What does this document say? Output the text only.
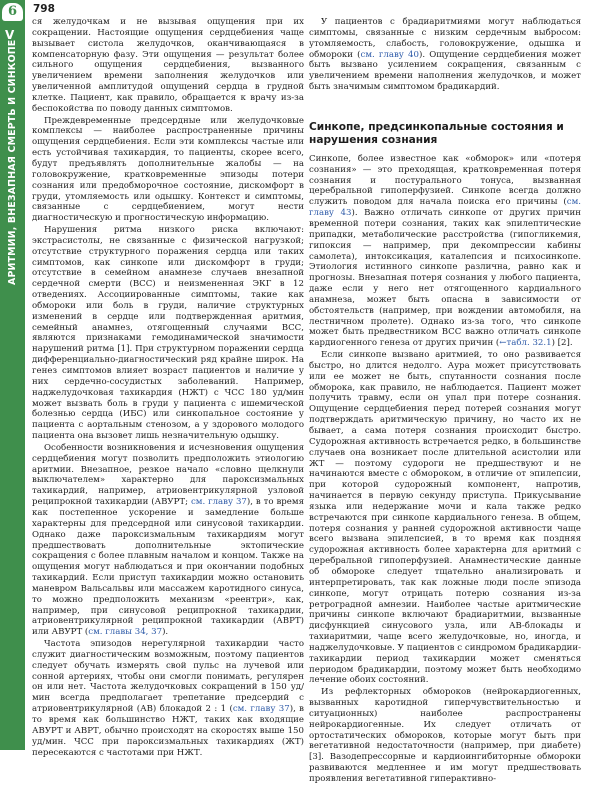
6
V
АРИТМИИ, ВНЕЗАПНАЯ СМЕРТЬ И СИНКОПЕ
798

ся желудочкам и не вызывая ощущения при их сокращении. Настоящие ощущения сердцебиения чаще вызывает систола желудочков, оканчивающаяся в компенсаторную фазу. Эти ощущения — результат более сильного ощущения сердцебиения, вызванного увеличением времени заполнения желудочков или увеличенной амплитудой ощущений сердца в грудной клетке. Пациент, как правило, обращается к врачу из-за беспокойства по поводу данных симптомов.

Преждевременные предсердные или желудочковые комплексы — наиболее распространенные причины ощущения сердцебиения. Если эти комплексы частые или есть устойчивая тахикардия, то пациенты, скорее всего, будут предъявлять дополнительные жалобы — на головокружение, кратковременные эпизоды потери сознания или предобморочное состояние, дискомфорт в груди, утомляемость или одышку. Контекст и симптомы, связанные с сердцебиением, могут нести диагностическую и прогностическую информацию.

Нарушения ритма низкого риска включают: экстрасистолы, не связанные с физической нагрузкой; отсутствие структурного поражения сердца или таких симптомов, как синкопе или дискомфорт в груди; отсутствие в семейном анамнезе случаев внезапной сердечной смерти (ВСС) и неизмененная ЭКГ в 12 отведениях. Ассоциированные симптомы, такие как обмороки или боль в груди, наличие структурных изменений в сердце или подтвержденная аритмия, семейный анамнез, отягощенный случаями ВСС, являются признаками гемодинамической значимости нарушений ритма [1]. При структурном поражении сердца дифференциально-диагностический ряд крайне широк. На генез симптомов влияет возраст пациентов и наличие у них сердечно-сосудистых заболеваний. Например, наджелудочковая тахикардия (НЖТ) с ЧСС 180 уд/мин может вызвать боль в груди у пациента с ишемической болезнью сердца (ИБС) или синкопальное состояние у пациента с аортальным стенозом, а у здорового молодого пациента она вызовет лишь незначительную одышку.

Особенности возникновения и исчезновения ощущения сердцебиения могут позволить предположить этиологию аритмии. Внезапное, резкое начало «словно щелкнули выключателем» характерно для пароксизмальных тахикардий, например, атриовентрикулярной узловой реципрокной тахикардии (АВУРТ; см. главу 37), в то время как постепенное ускорение и замедление больше характерны для предсердной или синусовой тахикардии. Однако даже пароксизмальным тахикардиям могут предшествовать дополнительные эктопические сокращения с более плавным началом и концом. Также на ощущения могут наблюдаться и при окончании подобных тахикардий. Если приступ тахикардии можно остановить маневром Вальсальвы или массажем каротидного синуса, то можно предположить механизм «реентри», как, например, при синусовой реципрокной тахикардии, атриовентрикулярной реципрокной тахикардии (АВРТ) или АВУРТ (см. главы 34, 37).

Частота эпизодов нерегулярной тахикардии часто служит диагностическим возможным, поэтому пациентов следует обучать измерять свой пульс на лучевой или сонной артериях, чтобы они смогли понимать, регулярен он или нет. Частота желудочковых сокращений в 150 уд/мин всегда предполагает трепетание предсердий с атриовентрикулярной (АВ) блокадой 2 : 1 (см. главу 37), в то время как большинство НЖТ, таких как входящие АВУРТ и АВРТ, обычно происходят на скоростях выше 150 уд/мин. ЧСС при пароксизмальных тахикардиях (ЖТ) пересекаются с частотами при НЖТ.

У пациентов с брадиаритмиями могут наблюдаться симптомы, связанные с низким сердечным выбросом: утомляемость, слабость, головокружение, одышка и обмороки (см. главу 40). Ощущение сердцебиения может быть вызвано усилением сокращения, связанным с увеличением времени наполнения желудочков, и может быть значимым симптомом брадикардий.

Синкопе, предсинкопальные состояния и нарушения сознания

Синкопе, более известное как «обморок» или «потеря сознания» — это преходящая, кратковременная потеря сознания и постурального тонуса, вызванная церебральной гипоперфузией. Синкопе всегда должно служить поводом для начала поиска его причины (см. главу 43). Важно отличать синкопе от других причин временной потери сознания, таких как эпилептические припадки, метаболические расстройства (гипогликемия, гипоксия — например, при декомпрессии кабины самолета), интоксикация, каталепсия и психосинкопе. Этиология истинного синкопе различна, равно как и прогнозы. Внезапная потеря сознания у любого пациента, даже если у него нет отягощенного кардиального анамнеза, может быть опасна в зависимости от обстоятельств (например, при вождении автомобиля, на лестничном пролете). Однако из-за того, что синкопе может быть предвестником ВСС важно отличать синкопе кардиогенного генеза от других причин (←табл. 32.1) [2].

Если синкопе вызвано аритмией, то оно развивается быстро, но длится недолго. Аура может присутствовать или ее может не быть, спутанности сознания после обморока, как правило, не наблюдается. Пациент может получить травму, если он упал при потере сознания. Ощущение сердцебиения перед потерей сознания могут подтверждать аритмическую причину, но часто их не бывает, а сама потеря сознания происходит быстро. Судорожная активность встречается редко, в большинстве случаев она возникает после длительной асистолии или ЖТ — поэтому судороги не предшествуют и не начинаются вместе с обмороком, в отличие от эпилепсии, при которой судорожный компонент, напротив, начинается в первую секунду приступа. Прикусывание языка или недержание мочи и кала также редко встречаются при синкопе кардиального генеза. В общем, потеря сознания у ранней судорожной активности чаще всего вызвана эпилепсией, в то время как поздняя судорожная активность более характерна для аритмий с церебральной гипоперфузией. Анамнестические данные об обмороке следует тщательно анализировать и интерпретировать, так как ложные люди после эпизода синкопе, могут отрицать потерю сознания из-за ретроградной амнезии. Наиболее частые аритмические причины синкопе включают брадиаритмии, вызванные дисфункцией синусового узла, или АВ-блокады и тахиаритмии, чаще всего желудочковые, но, иногда, и наджелудочковые. У пациентов с синдромом брадикардии-тахикардии период тахикардии может сменяться периодом брадикардии, поэтому может быть необходимо лечение обоих состояний.

Из рефлекторных обмороков (нейрокардиогенных, вызванных каротидной гиперчувствительностью и ситуационных) наиболее распространены нейрокардиогенные. Их следует отличать от ортостатических обмороков, которые могут быть при вегетативной недостаточности (например, при диабете) [3]. Вазодепрессорные и кардиоингибиторные обмороки развиваются медленнее и им могут предшествовать проявления вегетативной гиперактивно-
